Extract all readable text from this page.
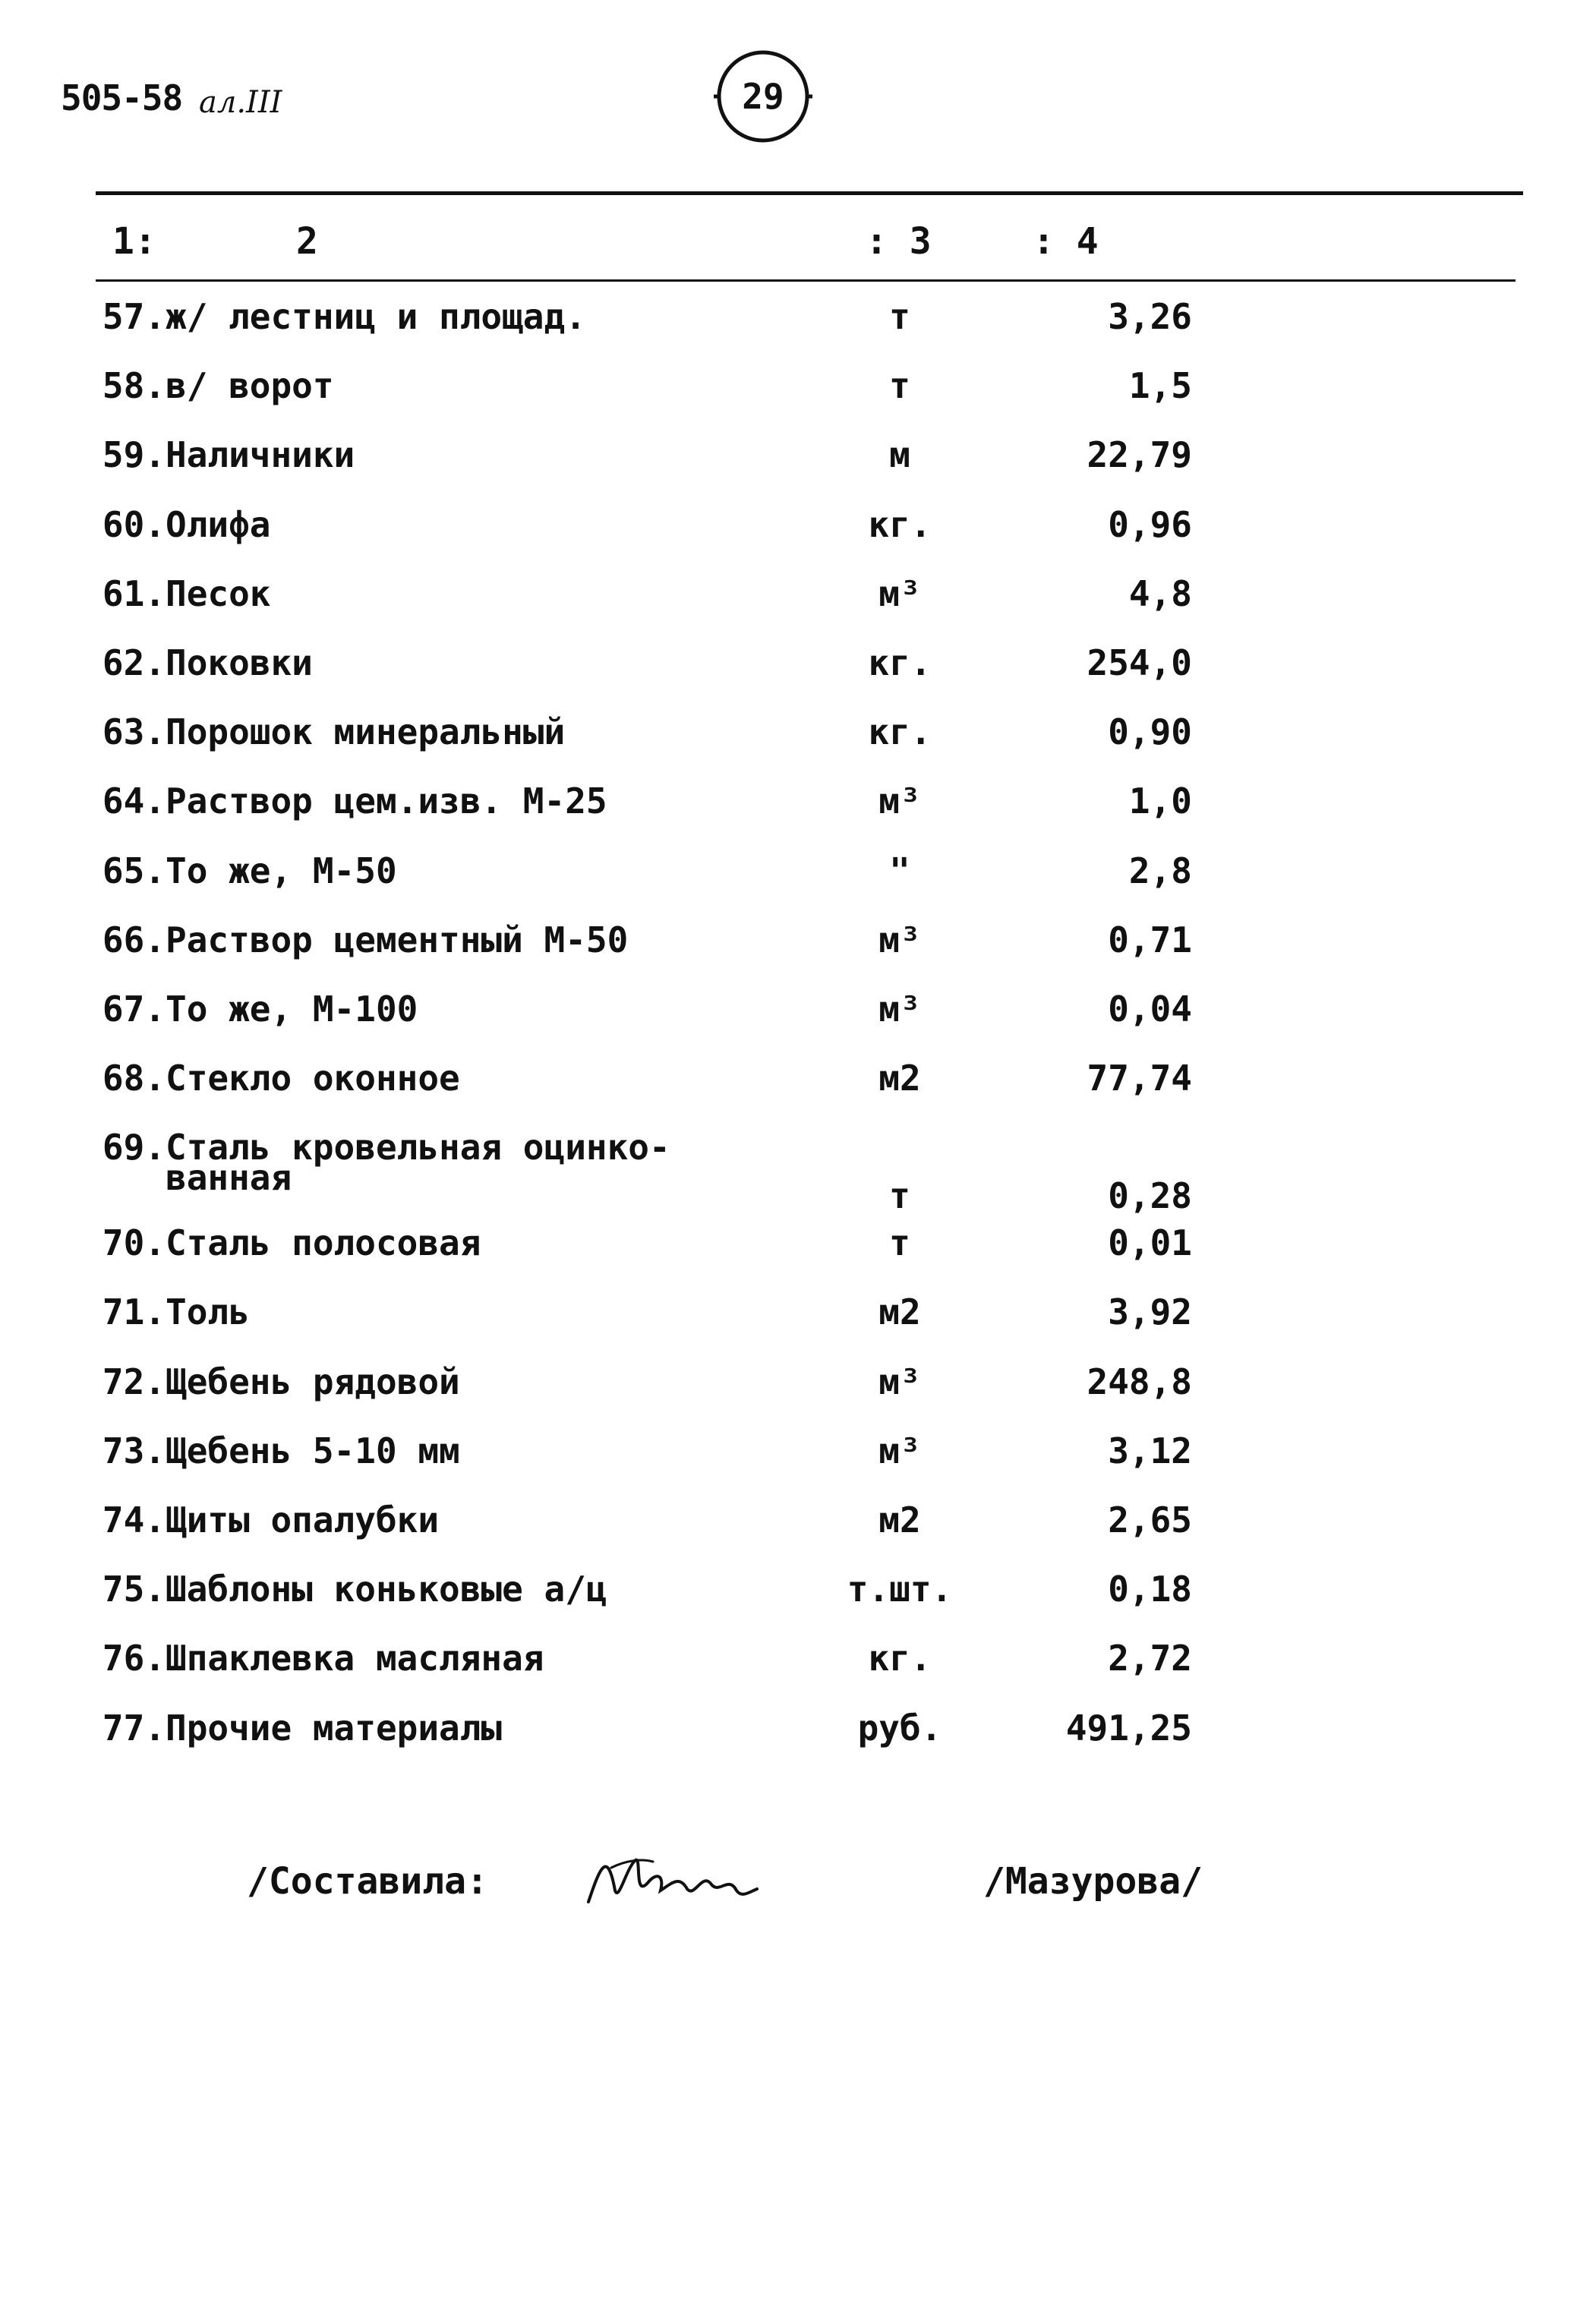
505-58 ал.III	29
1:	2	: 3	: 4
57. ж/ лестниц и площад.	т	3,26
58. в/ ворот	т	1,5
59. Наличники	м	22,79
60. Олифа	кг.	0,96
61. Песок	м³	4,8
62. Поковки	кг.	254,0
63. Порошок минеральный	кг.	0,90
64. Раствор цем.изв. М-25	м³	1,0
65. То же, М-50	"	2,8
66. Раствор цементный М-50	м³	0,71
67. То же, М-100	м³	0,04
68. Стекло оконное	м2	77,74
69. Сталь кровельная оцинко-
ванная	т	0,28
70. Сталь полосовая	т	0,01
71. Толь	м2	3,92
72. Щебень рядовой	м³	248,8
73. Щебень 5-10 мм	м³	3,12
74. Щиты опалубки	м2	2,65
75. Шаблоны коньковые а/ц	т.шт.	0,18
76. Шпаклевка масляная	кг.	2,72
77. Прочие материалы	руб.	491,25
/Составила:	/Мазурова/
